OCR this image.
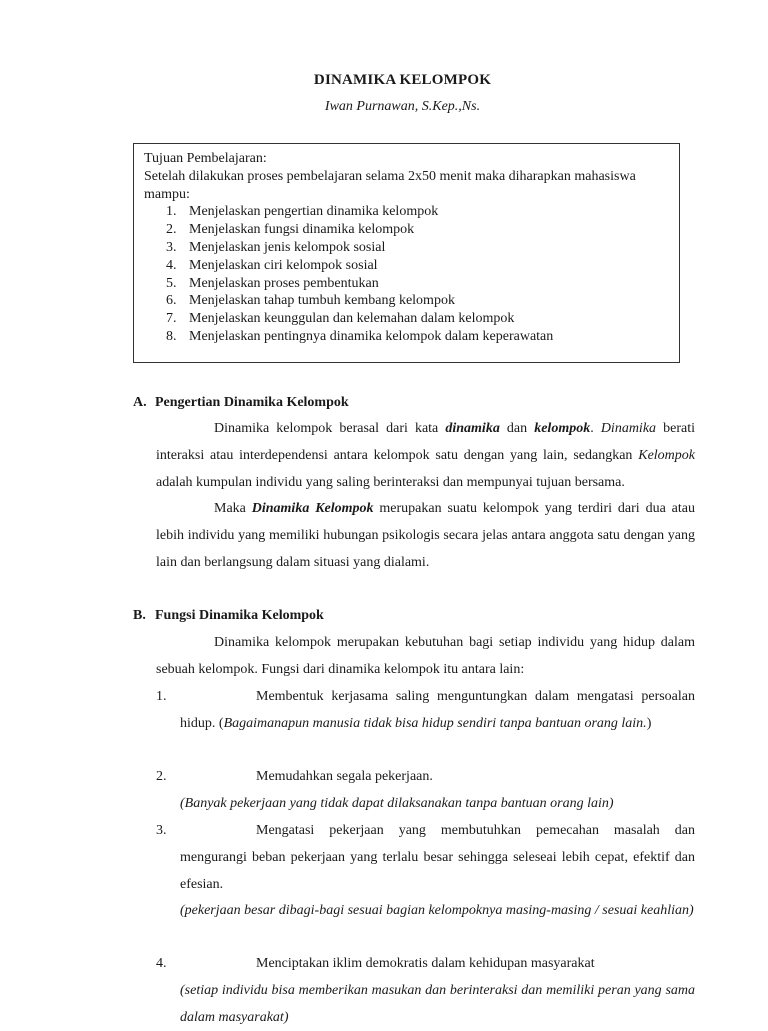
DINAMIKA KELOMPOK
Iwan Purnawan, S.Kep.,Ns.
Tujuan Pembelajaran:
Setelah dilakukan proses pembelajaran selama 2x50 menit maka diharapkan mahasiswa mampu:
1. Menjelaskan pengertian dinamika kelompok
2. Menjelaskan fungsi dinamika kelompok
3. Menjelaskan jenis kelompok sosial
4. Menjelaskan ciri kelompok sosial
5. Menjelaskan proses pembentukan
6. Menjelaskan tahap tumbuh kembang kelompok
7. Menjelaskan keunggulan dan kelemahan dalam kelompok
8. Menjelaskan pentingnya dinamika kelompok dalam keperawatan
A. Pengertian Dinamika Kelompok

Dinamika kelompok berasal dari kata dinamika dan kelompok. Dinamika berati interaksi atau interdependensi antara kelompok satu dengan yang lain, sedangkan Kelompok adalah kumpulan individu yang saling berinteraksi dan mempunyai tujuan bersama.

Maka Dinamika Kelompok merupakan suatu kelompok yang terdiri dari dua atau lebih individu yang memiliki hubungan psikologis secara jelas antara anggota satu dengan yang lain dan berlangsung dalam situasi yang dialami.

B. Fungsi Dinamika Kelompok

Dinamika kelompok merupakan kebutuhan bagi setiap individu yang hidup dalam sebuah kelompok. Fungsi dari dinamika kelompok itu antara lain:

1.	Membentuk kerjasama saling menguntungkan dalam mengatasi persoalan hidup. (Bagaimanapun manusia tidak bisa hidup sendiri tanpa bantuan orang lain.)

2.	Memudahkan segala pekerjaan.

(Banyak pekerjaan yang tidak dapat dilaksanakan tanpa bantuan orang lain)

3.	Mengatasi pekerjaan yang membutuhkan pemecahan masalah dan mengurangi beban pekerjaan yang terlalu besar sehingga seleseai lebih cepat, efektif dan efesian.

(pekerjaan besar dibagi-bagi sesuai bagian kelompoknya masing-masing / sesuai keahlian)

4.	Menciptakan iklim demokratis dalam kehidupan masyarakat

(setiap individu bisa memberikan masukan dan berinteraksi dan memiliki peran yang sama dalam masyarakat)
